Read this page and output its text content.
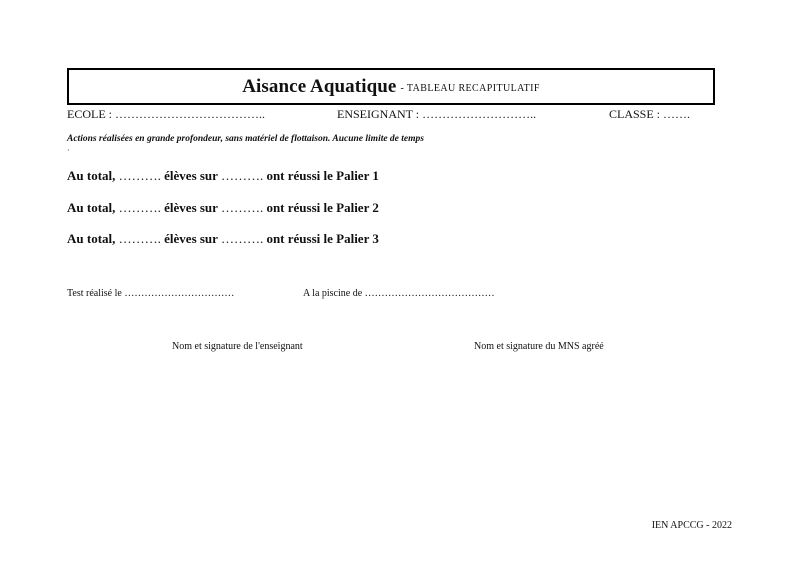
Aisance Aquatique - TABLEAU RECAPITULATIF
ECOLE : ………………………………..	ENSEIGNANT : ………………………..	CLASSE : …….
Actions réalisées en grande profondeur, sans matériel de flottaison. Aucune limite de temps
·
Au total, ………. élèves sur ………. ont réussi le Palier 1
Au total, ………. élèves sur ………. ont réussi le Palier 2
Au total, ………. élèves sur ………. ont réussi le Palier 3
Test réalisé le ……………………………	A la piscine de …………………………………
Nom et signature de l'enseignant	Nom et signature du MNS agréé
IEN APCCG - 2022
